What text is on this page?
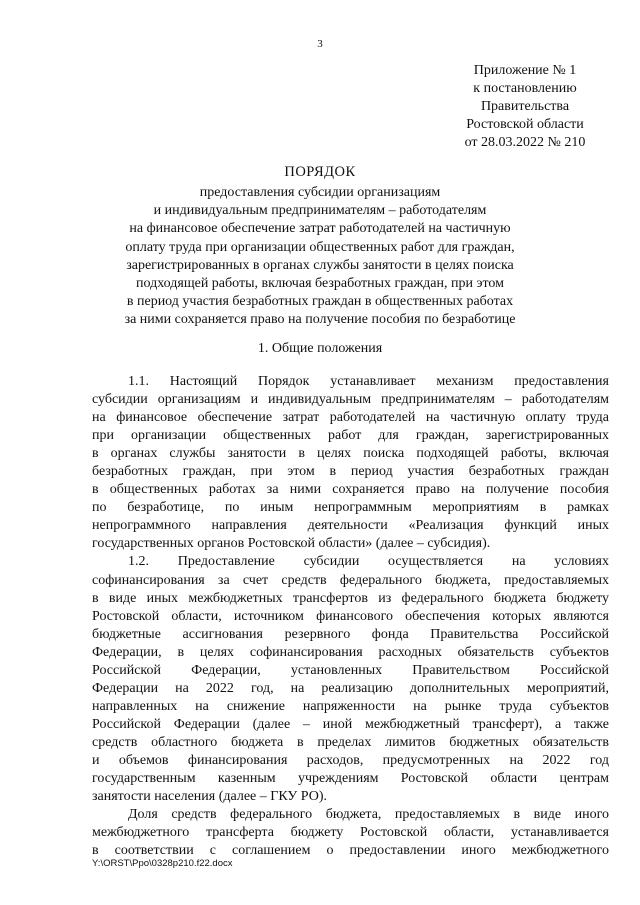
3
Приложение № 1
к постановлению
Правительства
Ростовской области
от 28.03.2022 № 210
ПОРЯДОК
предоставления субсидии организациям
и индивидуальным предпринимателям – работодателям
на финансовое обеспечение затрат работодателей на частичную
оплату труда при организации общественных работ для граждан,
зарегистрированных в органах службы занятости в целях поиска
подходящей работы, включая безработных граждан, при этом
в период участия безработных граждан в общественных работах
за ними сохраняется право на получение пособия по безработице
1. Общие положения
1.1. Настоящий Порядок устанавливает механизм предоставления
субсидии организациям и индивидуальным предпринимателям – работодателям
на финансовое обеспечение затрат работодателей на частичную оплату труда
при организации общественных работ для граждан, зарегистрированных
в органах службы занятости в целях поиска подходящей работы, включая
безработных граждан, при этом в период участия безработных граждан
в общественных работах за ними сохраняется право на получение пособия
по безработице, по иным непрограммным мероприятиям в рамках
непрограммного направления деятельности «Реализация функций иных
государственных органов Ростовской области» (далее – субсидия).
1.2. Предоставление субсидии осуществляется на условиях
софинансирования за счет средств федерального бюджета, предоставляемых
в виде иных межбюджетных трансфертов из федерального бюджета бюджету
Ростовской области, источником финансового обеспечения которых являются
бюджетные ассигнования резервного фонда Правительства Российской
Федерации, в целях софинансирования расходных обязательств субъектов
Российской Федерации, установленных Правительством Российской
Федерации на 2022 год, на реализацию дополнительных мероприятий,
направленных на снижение напряженности на рынке труда субъектов
Российской Федерации (далее – иной межбюджетный трансферт), а также
средств областного бюджета в пределах лимитов бюджетных обязательств
и объемов финансирования расходов, предусмотренных на 2022 год
государственным казенным учреждениям Ростовской области центрам
занятости населения (далее – ГКУ РО).
Доля средств федерального бюджета, предоставляемых в виде иного
межбюджетного трансферта бюджету Ростовской области, устанавливается
в соответствии с соглашением о предоставлении иного межбюджетного
Y:\ORST\Ppo\0328p210.f22.docx
